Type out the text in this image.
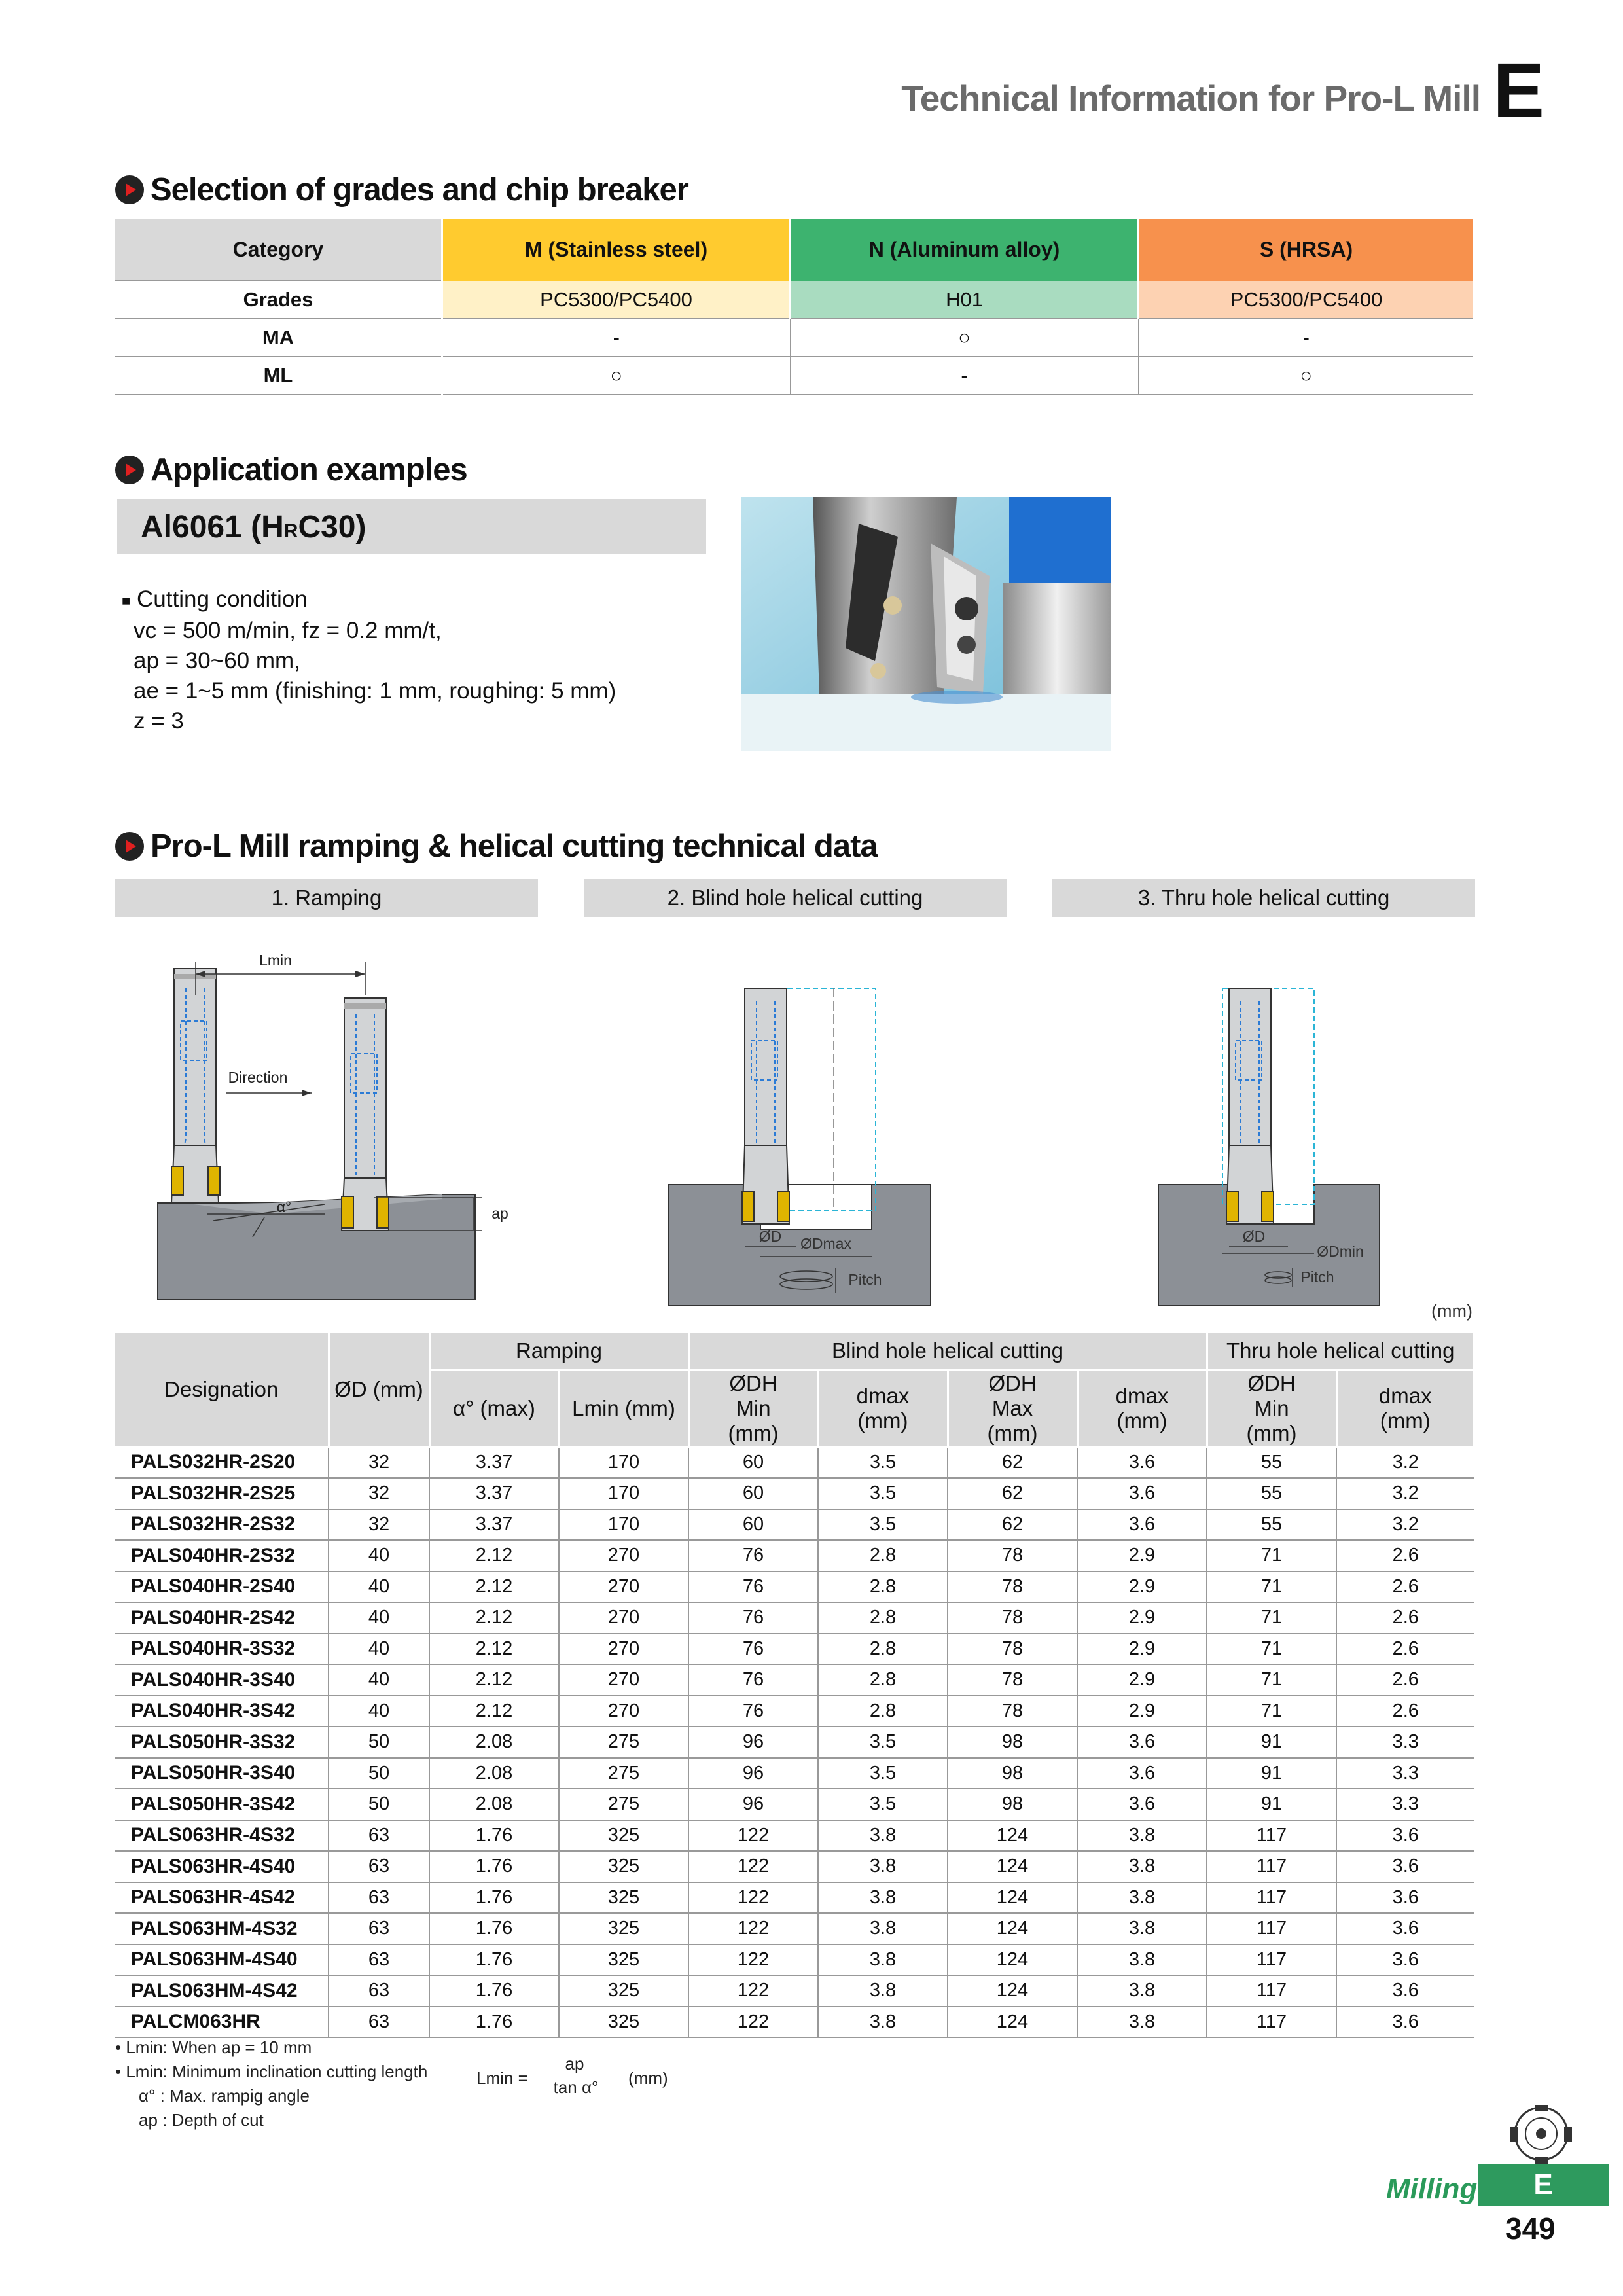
Technical Information for Pro-L Mill E
Selection of grades and chip breaker
Category	M (Stainless steel)	N (Aluminum alloy)	S (HRSA)
Grades	PC5300/PC5400	H01	PC5300/PC5400
MA	-	○	-
ML	○	-	○
Application examples
Al6061 (HRC30)
■ Cutting condition
vc = 500 m/min, fz = 0.2 mm/t,
ap = 30~60 mm,
ae = 1~5 mm (finishing: 1 mm, roughing: 5 mm)
z = 3
Pro-L Mill ramping & helical cutting technical data
1. Ramping	2. Blind hole helical cutting	3. Thru hole helical cutting
Lmin
Direction
α°	ap
ØD ØDmax
Pitch
ØD
ØDmin
Pitch
(mm)
Designation	ØD (mm)	Ramping		Blind hole helical cutting				Thru hole helical cutting	
		α° (max)	Lmin (mm)	ØDH Min (mm)	dmax (mm)	ØDH Max (mm)	dmax (mm)	ØDH Min (mm)	dmax (mm)
PALS032HR-2S20	32	3.37	170	60	3.5	62	3.6	55	3.2
PALS032HR-2S25	32	3.37	170	60	3.5	62	3.6	55	3.2
PALS032HR-2S32	32	3.37	170	60	3.5	62	3.6	55	3.2
PALS040HR-2S32	40	2.12	270	76	2.8	78	2.9	71	2.6
PALS040HR-2S40	40	2.12	270	76	2.8	78	2.9	71	2.6
PALS040HR-2S42	40	2.12	270	76	2.8	78	2.9	71	2.6
PALS040HR-3S32	40	2.12	270	76	2.8	78	2.9	71	2.6
PALS040HR-3S40	40	2.12	270	76	2.8	78	2.9	71	2.6
PALS040HR-3S42	40	2.12	270	76	2.8	78	2.9	71	2.6
PALS050HR-3S32	50	2.08	275	96	3.5	98	3.6	91	3.3
PALS050HR-3S40	50	2.08	275	96	3.5	98	3.6	91	3.3
PALS050HR-3S42	50	2.08	275	96	3.5	98	3.6	91	3.3
PALS063HR-4S32	63	1.76	325	122	3.8	124	3.8	117	3.6
PALS063HR-4S40	63	1.76	325	122	3.8	124	3.8	117	3.6
PALS063HR-4S42	63	1.76	325	122	3.8	124	3.8	117	3.6
PALS063HM-4S32	63	1.76	325	122	3.8	124	3.8	117	3.6
PALS063HM-4S40	63	1.76	325	122	3.8	124	3.8	117	3.6
PALS063HM-4S42	63	1.76	325	122	3.8	124	3.8	117	3.6
PALCM063HR	63	1.76	325	122	3.8	124	3.8	117	3.6
• Lmin: When ap = 10 mm
• Lmin: Minimum inclination cutting length
α° : Max. rampig angle
ap : Depth of cut
Lmin =
ap
tan α°	(mm)
Milling	E
349
